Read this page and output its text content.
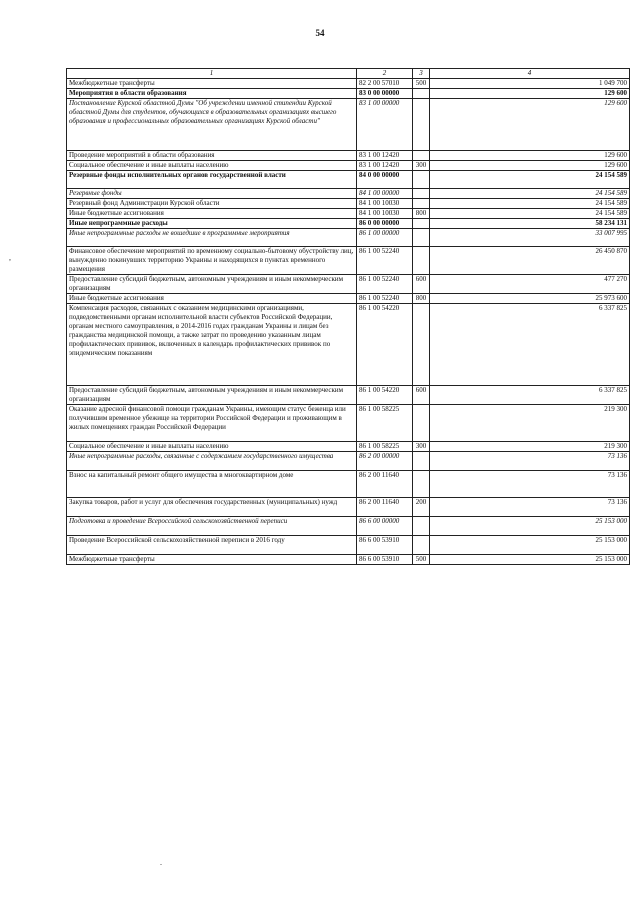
54
1	2	3	4
Межбюджетные трансферты	82 2 00 57010	500	1 049 700
Мероприятия в области образования	83 0 00 00000		129 600
Постановление Курской областной Думы "Об учреждении именной стипендии Курской областной Думы для студентов, обучающихся в образовательных организациях высшего образования и профессиональных образовательных организациях Курской области"	83 1 00 00000		129 600
Проведение мероприятий в области образования	83 1 00 12420		129 600
Социальное обеспечение и иные выплаты населению	83 1 00 12420	300	129 600
Резервные фонды исполнительных органов государственной власти	84 0 00 00000		24 154 589
Резервные фонды	84 1 00 00000		24 154 589
Резервный фонд Администрации Курской области	84 1 00 10030		24 154 589
Иные бюджетные ассигнования	84 1 00 10030	800	24 154 589
Иные непрограммные расходы	86 0 00 00000		58 234 131
Иные непрограммные расходы не вошедшие в программные мероприятия	86 1 00 00000		33 007 995
Финансовое обеспечение мероприятий по временному социально-бытовому обустройству лиц, вынужденно покинувших территорию Украины и находящихся в пунктах временного размещения	86 1 00 52240		26 450 870
Предоставление субсидий бюджетным, автономным учреждениям и иным некоммерческим организациям	86 1 00 52240	600	477 270
Иные бюджетные ассигнования	86 1 00 52240	800	25 973 600
Компенсация расходов, связанных с оказанием медицинскими организациями, подведомственными органам исполнительной власти субъектов Российской Федерации, органам местного самоуправления, в 2014-2016 годах гражданам Украины и лицам без гражданства медицинской помощи, а также затрат по проведению указанным лицам профилактических прививок, включенных в календарь профилактических прививок по эпидемическим показаниям	86 1 00 54220		6 337 825
Предоставление субсидий бюджетным, автономным учреждениям и иным некоммерческим организациям	86 1 00 54220	600	6 337 825
Оказание адресной финансовой помощи гражданам Украины, имеющим статус беженца или получившим временное убежище на территории Российской Федерации и проживающим в жилых помещениях граждан Российской Федерации	86 1 00 58225		219 300
Социальное обеспечение и иные выплаты населению	86 1 00 58225	300	219 300
Иные непрограммные расходы, связанные с содержанием государственного имущества	86 2 00 00000		73 136
Взнос на капитальный ремонт общего имущества в многоквартирном доме	86 2 00 11640		73 136
Закупка товаров, работ и услуг для обеспечения государственных (муниципальных) нужд	86 2 00 11640	200	73 136
Подготовка и проведение Всероссийской сельскохозяйственной переписи	86 6 00 00000		25 153 000
Проведение Всероссийской сельскохозяйственной переписи в 2016 году	86 6 00 53910		25 153 000
Межбюджетные трансферты	86 6 00 53910	500	25 153 000
,
.
